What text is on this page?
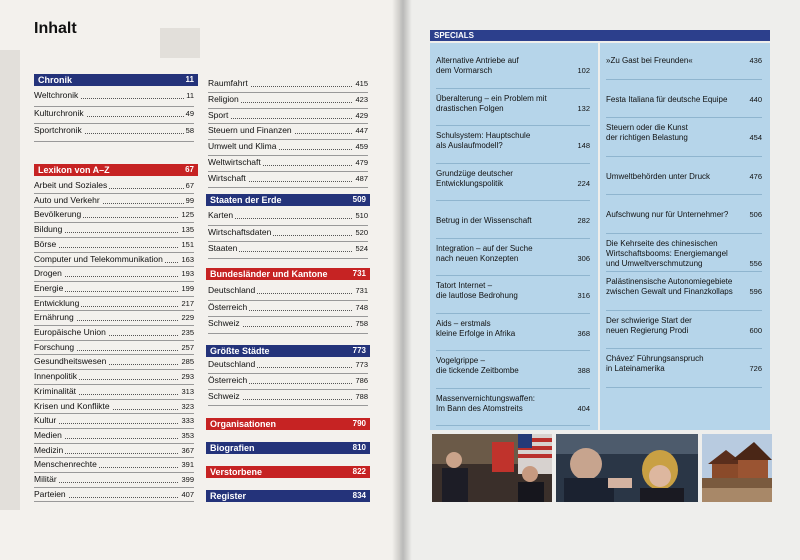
Inhalt
Chronik	11
Weltchronik	11
Kulturchronik	49
Sportchronik	58
Lexikon von A–Z	67
Arbeit und Soziales	67
Auto und Verkehr	99
Bevölkerung	125
Bildung	135
Börse	151
Computer und Telekommunikation 163
Drogen	193
Energie	199
Entwicklung	217
Ernährung	229
Europäische Union	235
Forschung	257
Gesundheitswesen	285
Innenpolitik	293
Kriminalität	313
Krisen und Konflikte	323
Kultur	333
Medien	353
Medizin	367
Menschenrechte	391
Militär	399
Parteien	407
Raumfahrt	415
Religion	423
Sport	429
Steuern und Finanzen	447
Umwelt und Klima	459
Weltwirtschaft	479
Wirtschaft	487
Staaten der Erde	509
Karten	510
Wirtschaftsdaten	520
Staaten	524
Bundesländer und Kantone	731
Deutschland	731
Österreich	748
Schweiz	758
Größte Städte	773
Deutschland	773
Österreich	786
Schweiz	788
Organisationen	790
Biografien	810
Verstorbene	822
Register	834
SPECIALS
Alternative Antriebe auf
dem Vormarsch	102
Überalterung – ein Problem mit
drastischen Folgen	132
Schulsystem: Hauptschule
als Auslaufmodell?	148
Grundzüge deutscher
Entwicklungspolitik	224

Betrug in der Wissenschaft	282
Integration – auf der Suche
nach neuen Konzepten	306
Tatort Internet –
die lautlose Bedrohung	316
Aids – erstmals
kleine Erfolge in Afrika	368
Vogelgrippe –
die tickende Zeitbombe	388
Massenvernichtungswaffen:
Im Bann des Atomstreits	404

»Zu Gast bei Freunden«	436

Festa Italiana für deutsche Equipe	440
Steuern oder die Kunst
der richtigen Belastung	454

Umweltbehörden unter Druck	476

Aufschwung nur für Unternehmer?	506
Die Kehrseite des chinesischen
Wirtschaftsbooms: Energiemangel
und Umweltverschmutzung	556
Palästinensische Autonomiegebiete
zwischen Gewalt und Finanzkollaps 596
Der schwierige Start der
neuen Regierung Prodi	600
Chávez' Führungsanspruch
in Lateinamerika	726
